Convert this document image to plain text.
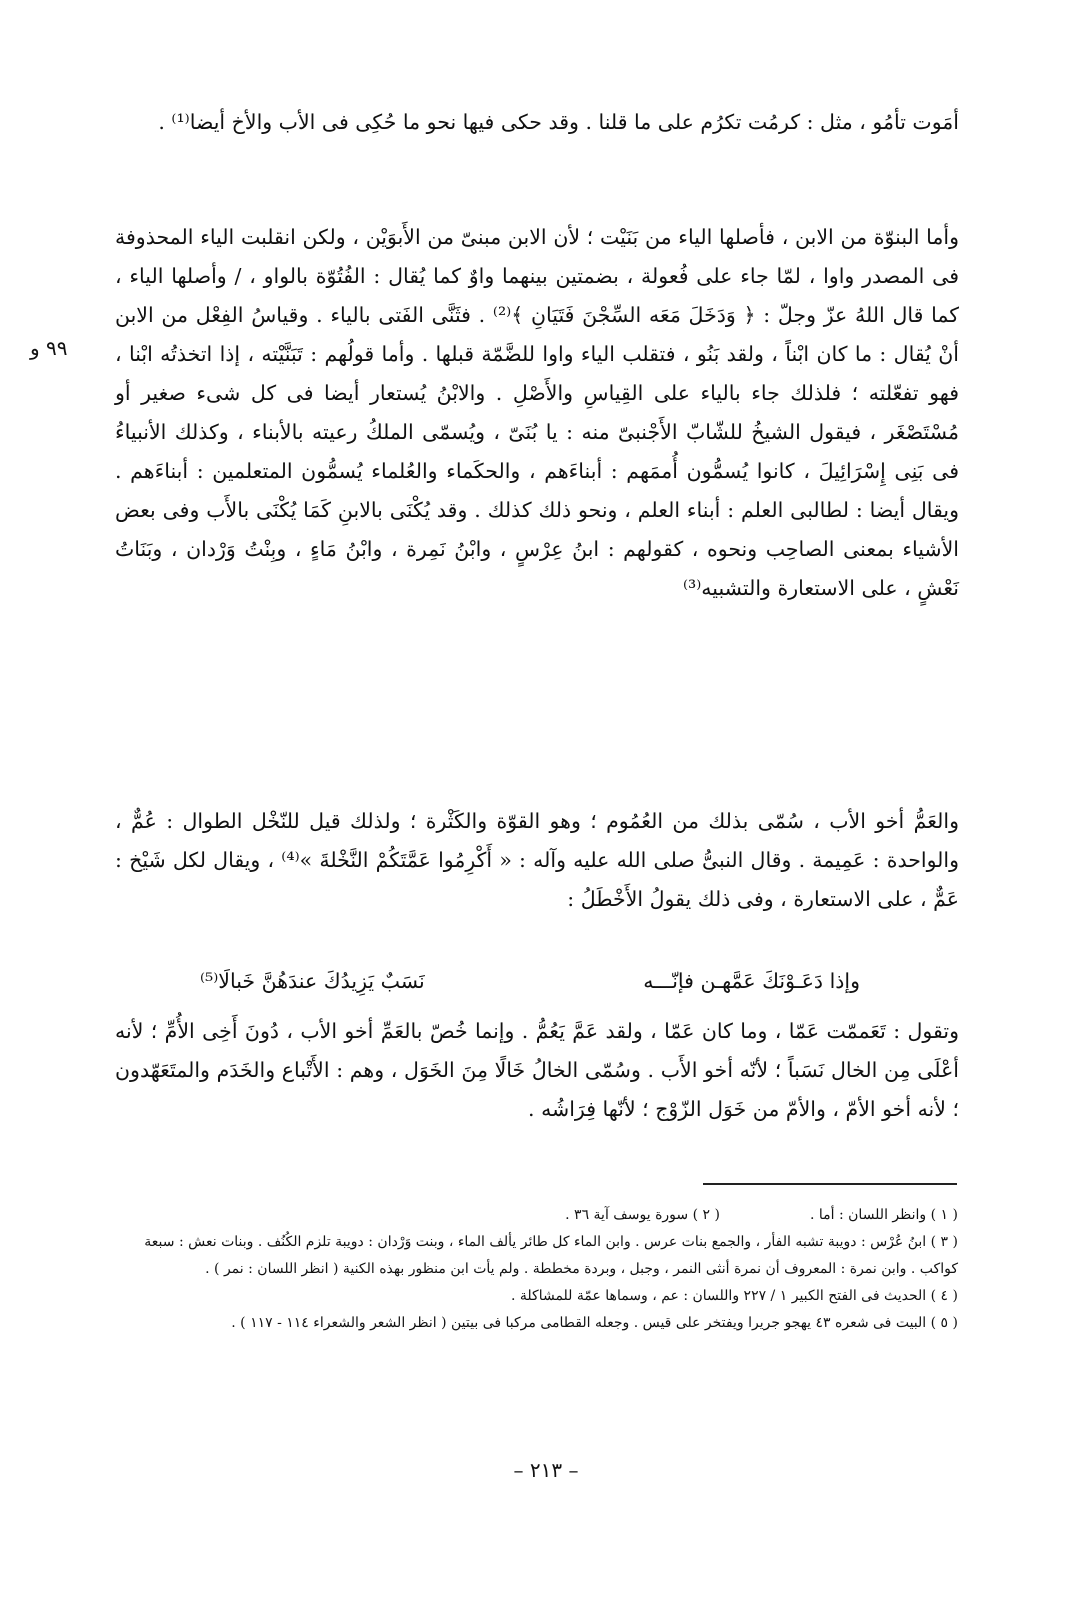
أمَوت تأمُو ، مثل : كرمُت تكرُم على ما قلنا . وقد حكى فيها نحو ما حُكِى فى الأب والأخ أيضا⁽¹⁾ .

وأما البنوّة من الابن ، فأصلها الياء من بَنَيْت ؛ لأن الابن مبنىّ من الأَبوَيْن ، ولكن انقلبت الياء المحذوفة فى المصدر واوا ، لمّا جاء على فُعولة ، بضمتين بينهما واوٌ كما يُقال : الفُتُوّة بالواو ، / وأصلها الياء ، كما قال اللهُ عزّ وجلّ : ﴿ وَدَخَلَ مَعَه السِّجْنَ فَتَيَانِ ﴾⁽²⁾ . فثَنَّى الفَتى بالياء . وقياسُ الفِعْل من الابن أنْ يُقال : ما كان ابْناً ، ولقد بَنُو ، فتقلب الياء واوا للضَّمّة قبلها . وأما قولُهم : تَبَنَّيْته ، إذا اتخذتُه ابْنا ، فهو تفعّلته ؛ فلذلك جاء بالياء على القِياسِ والأَصْلِ . والابْنُ يُستعار أيضا فى كل شىء صغير أو مُسْتَصْغَر ، فيقول الشيخُ للشّابّ الأَجْنبىّ منه : يا بُنَىّ ، ويُسمّى الملكُ رعيته بالأبناء ، وكذلك الأنبياءُ فى بَنِى إِسْرَائِيلَ ، كانوا يُسمُّون أُممَهم : أبناءَهم ، والحكَماء والعُلماء يُسمُّون المتعلمين : أبناءَهم . ويقال أيضا : لطالبى العلم : أبناء العلم ، ونحو ذلك كذلك . وقد يُكْنَى بالابنِ كَمَا يُكْنَى بالأَب وفى بعض الأشياء بمعنى الصاحِب ونحوه ، كقولهم : ابنُ عِرْسٍ ، وابْنُ نَمِرة ، وابْنُ مَاءٍ ، وبِنْتُ وَرْدان ، وبَنَاتُ نَعْشٍ ، على الاستعارة والتشبيه⁽³⁾

٩٩ و

والعَمُّ أخو الأب ، سُمّى بذلك من العُمُوم ؛ وهو القوّة والكَثْرة ؛ ولذلك قيل للنّخْل الطوال : عُمٌّ ، والواحدة : عَمِيمة . وقال النبىُّ صلى الله عليه وآله : « أَكْرِمُوا عَمَّتَكُمْ النَّخْلةَ »⁽⁴⁾ ، ويقال لكل شَيْخ : عَمٌّ ، على الاستعارة ، وفى ذلك يقولُ الأَخْطَلُ :

وإذا دَعَـوْنَكَ عَمَّهـن فإنّـــه
نَسَبٌ يَزِيدُكَ عندَهُنَّ خَبالَا⁽⁵⁾

وتقول : تَعَممّت عَمّا ، وما كان عَمّا ، ولقد عَمَّ يَعُمُّ . وإنما خُصّ بالعَمِّ أخو الأب ، دُونَ أَخِى الأُمِّ ؛ لأنه أعْلَى مِن الخال نَسَباً ؛ لأنّه أخو الأَب . وسُمّى الخالُ خَالًا مِنَ الخَوَل ، وهم : الأَتْباع والخَدَم والمتَعَهّدون ؛ لأنه أخو الأمّ ، والأمّ من خَوَل الزّوْج ؛ لأنّها فِرَاشُه .

( ١ ) وانظر اللسان : أما .
( ٢ ) سورة يوسف آية ٣٦ .
( ٣ ) ابنُ عُرْس : دويبة تشبه الفأر ، والجمع بنات عرس . وابن الماء كل طائر يألف الماء ، وبنت وَرْدان : دويبة تلزم الكُنُف . وبنات نعش : سبعة كواكب . وابن نمرة : المعروف أن نمرة أنثى النمر ، وجبل ، وبردة مخططة . ولم يأت ابن منظور بهذه الكنية ( انظر اللسان : نمر ) .
( ٤ ) الحديث فى الفتح الكبير ١ / ٢٢٧ واللسان : عم ، وسماها عمّة للمشاكلة .
( ٥ ) البيت فى شعره ٤٣ يهجو جريرا ويفتخر على قيس . وجعله القطامى مركبا فى بيتين ( انظر الشعر والشعراء ١١٤ - ١١٧ ) .
– ٢١٣ –
